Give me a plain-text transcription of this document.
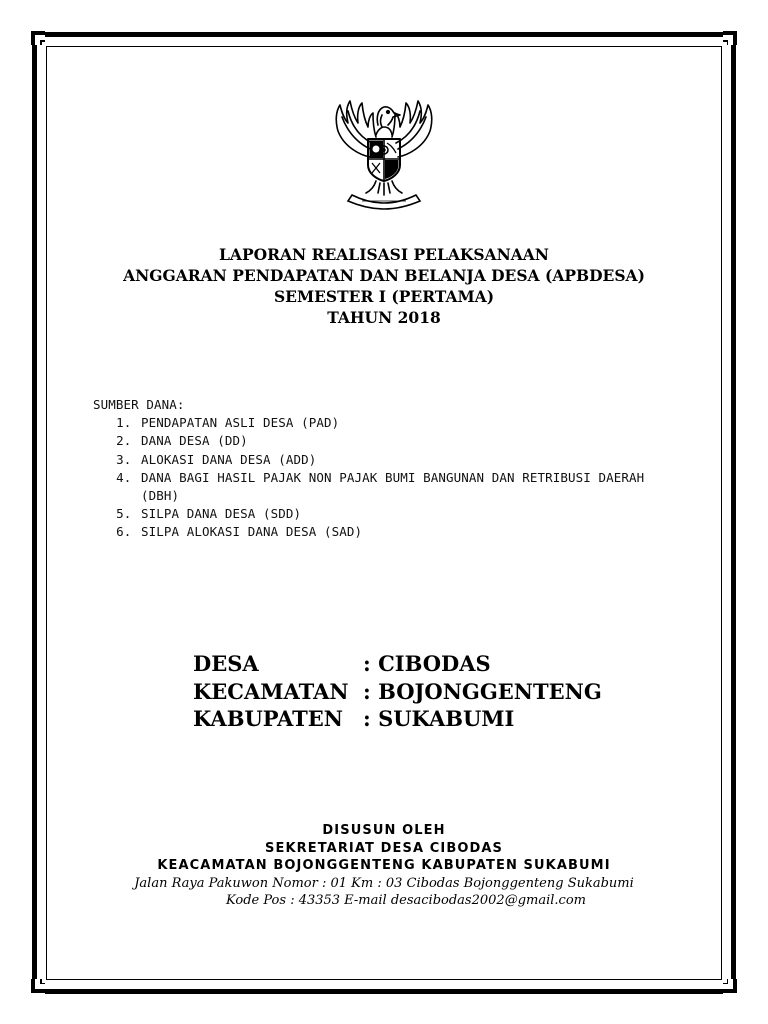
LAPORAN REALISASI PELAKSANAAN
ANGGARAN PENDAPATAN DAN BELANJA DESA (APBDESA)
SEMESTER I (PERTAMA)
TAHUN 2018
SUMBER DANA:
1. PENDAPATAN ASLI DESA (PAD)
2. DANA DESA (DD)
3. ALOKASI DANA DESA (ADD)
4. DANA BAGI HASIL PAJAK NON PAJAK BUMI BANGUNAN DAN RETRIBUSI DAERAH (DBH)
5. SILPA DANA DESA (SDD)
6. SILPA ALOKASI DANA DESA (SAD)
DESA	: CIBODAS
KECAMATAN : BOJONGGENTENG
KABUPATEN : SUKABUMI
DISUSUN OLEH
SEKRETARIAT DESA CIBODAS
KEACAMATAN BOJONGGENTENG KABUPATEN SUKABUMI
Jalan Raya Pakuwon Nomor : 01 Km : 03 Cibodas Bojonggenteng Sukabumi
Kode Pos : 43353 E-mail desacibodas2002@gmail.com
